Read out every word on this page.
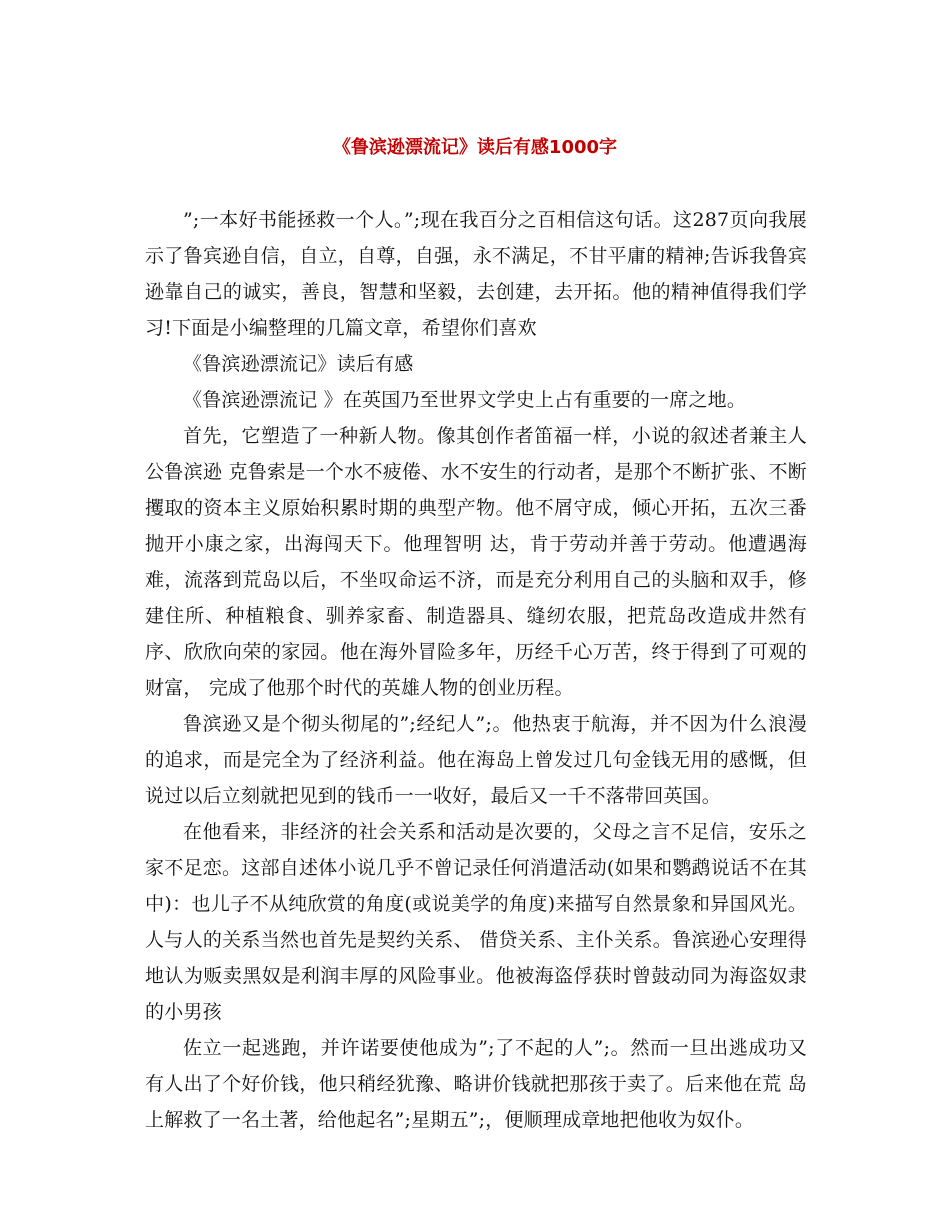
《鲁滨逊漂流记》读后有感1000字

”;一本好书能拯救一个人。”;现在我百分之百相信这句话。这287页向我展示了鲁宾逊自信，自立，自尊，自强，永不满足，不甘平庸的精神;告诉我鲁宾逊靠自己的诚实，善良，智慧和坚毅，去创建，去开拓。他的精神值得我们学习!下面是小编整理的几篇文章，希望你们喜欢

《鲁滨逊漂流记》读后有感

《鲁滨逊漂流记 》在英国乃至世界文学史上占有重要的一席之地。

首先，它塑造了一种新人物。像其创作者笛福一样，小说的叙述者兼主人公鲁滨逊 克鲁索是一个水不疲倦、水不安生的行动者，是那个不断扩张、不断攫取的资本主义原始积累时期的典型产物。他不屑守成，倾心开拓，五次三番抛开小康之家，出海闯天下。他理智明 达，肯于劳动并善于劳动。他遭遇海难，流落到荒岛以后，不坐叹命运不济，而是充分利用自己的头脑和双手，修建住所、种植粮食、驯养家畜、制造器具、缝纫农服，把荒岛改造成井然有序、欣欣向荣的家园。他在海外冒险多年，历经千心万苦，终于得到了可观的财富， 完成了他那个时代的英雄人物的创业历程。

鲁滨逊又是个彻头彻尾的”;经纪人”;。他热衷于航海，并不因为什么浪漫的追求，而是完全为了经济利益。他在海岛上曾发过几句金钱无用的感慨，但说过以后立刻就把见到的钱币一一收好，最后又一千不落带回英国。

在他看来，非经济的社会关系和活动是次要的，父母之言不足信，安乐之家不足恋。这部自述体小说几乎不曾记录任何消遣活动(如果和鹦鹉说话不在其中)：也儿子不从纯欣赏的角度(或说美学的角度)来描写自然景象和异国风光。人与人的关系当然也首先是契约关系、 借贷关系、主仆关系。鲁滨逊心安理得地认为贩卖黑奴是利润丰厚的风险事业。他被海盗俘获时曾鼓动同为海盗奴隶的小男孩

佐立一起逃跑，并许诺要使他成为”;了不起的人”;。然而一旦出逃成功又有人出了个好价钱，他只稍经犹豫、略讲价钱就把那孩于卖了。后来他在荒 岛上解救了一名土著，给他起名”;星期五”;，便顺理成章地把他收为奴仆。
